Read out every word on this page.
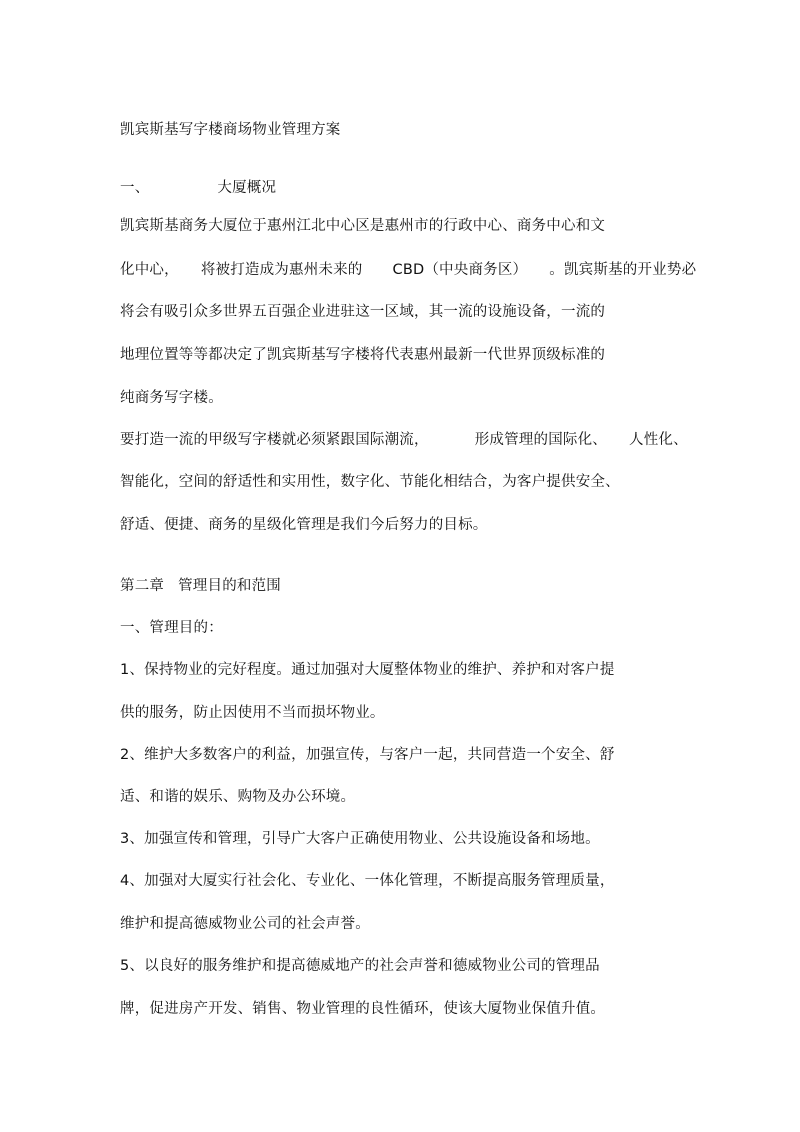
凯宾斯基写字楼商场物业管理方案
一、	大厦概况
凯宾斯基商务大厦位于惠州江北中心区是惠州市的行政中心、商务中心和文
化中心， 将被打造成为惠州未来的 CBD（中央商务区） 。凯宾斯基的开业势必
将会有吸引众多世界五百强企业进驻这一区域，其一流的设施设备，一流的
地理位置等等都决定了凯宾斯基写字楼将代表惠州最新一代世界顶级标准的
纯商务写字楼。
要打造一流的甲级写字楼就必须紧跟国际潮流，	形成管理的国际化、 人性化、
智能化，空间的舒适性和实用性，数字化、节能化相结合，为客户提供安全、
舒适、便捷、商务的星级化管理是我们今后努力的目标。
第二章 管理目的和范围
一、管理目的：
1、保持物业的完好程度。通过加强对大厦整体物业的维护、养护和对客户提
供的服务，防止因使用不当而损坏物业。
2、维护大多数客户的利益，加强宣传，与客户一起，共同营造一个安全、舒
适、和谐的娱乐、购物及办公环境。
3、加强宣传和管理，引导广大客户正确使用物业、公共设施设备和场地。
4、加强对大厦实行社会化、专业化、一体化管理，不断提高服务管理质量，
维护和提高德威物业公司的社会声誉。
5、以良好的服务维护和提高德威地产的社会声誉和德威物业公司的管理品
牌，促进房产开发、销售、物业管理的良性循环，使该大厦物业保值升值。
